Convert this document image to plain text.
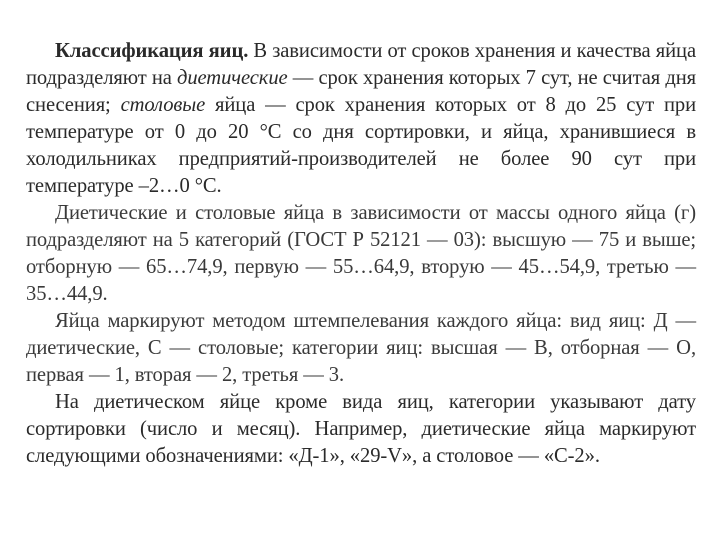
Классификация яиц. В зависимости от сроков хранения и качества яйца подразделяют на диетические — срок хранения которых 7 сут, не считая дня снесения; столовые яйца — срок хранения которых от 8 до 25 сут при температуре от 0 до 20 °С со дня сортировки, и яйца, хранившиеся в холодильниках предприятий-производителей не более 90 сут при температуре –2…0 °С.

Диетические и столовые яйца в зависимости от массы одного яйца (г) подразделяют на 5 категорий (ГОСТ Р 52121 — 03): высшую — 75 и выше; отборную — 65…74,9, первую — 55…64,9, вторую — 45…54,9, третью — 35…44,9.

Яйца маркируют методом штемпелевания каждого яйца: вид яиц: Д — диетические, С — столовые; категории яиц: высшая — В, отборная — О, первая — 1, вторая — 2, третья — 3.

На диетическом яйце кроме вида яиц, категории указывают дату сортировки (число и месяц). Например, диетические яйца маркируют следующими обозначениями: «Д-1», «29-V», а столовое — «С-2».
